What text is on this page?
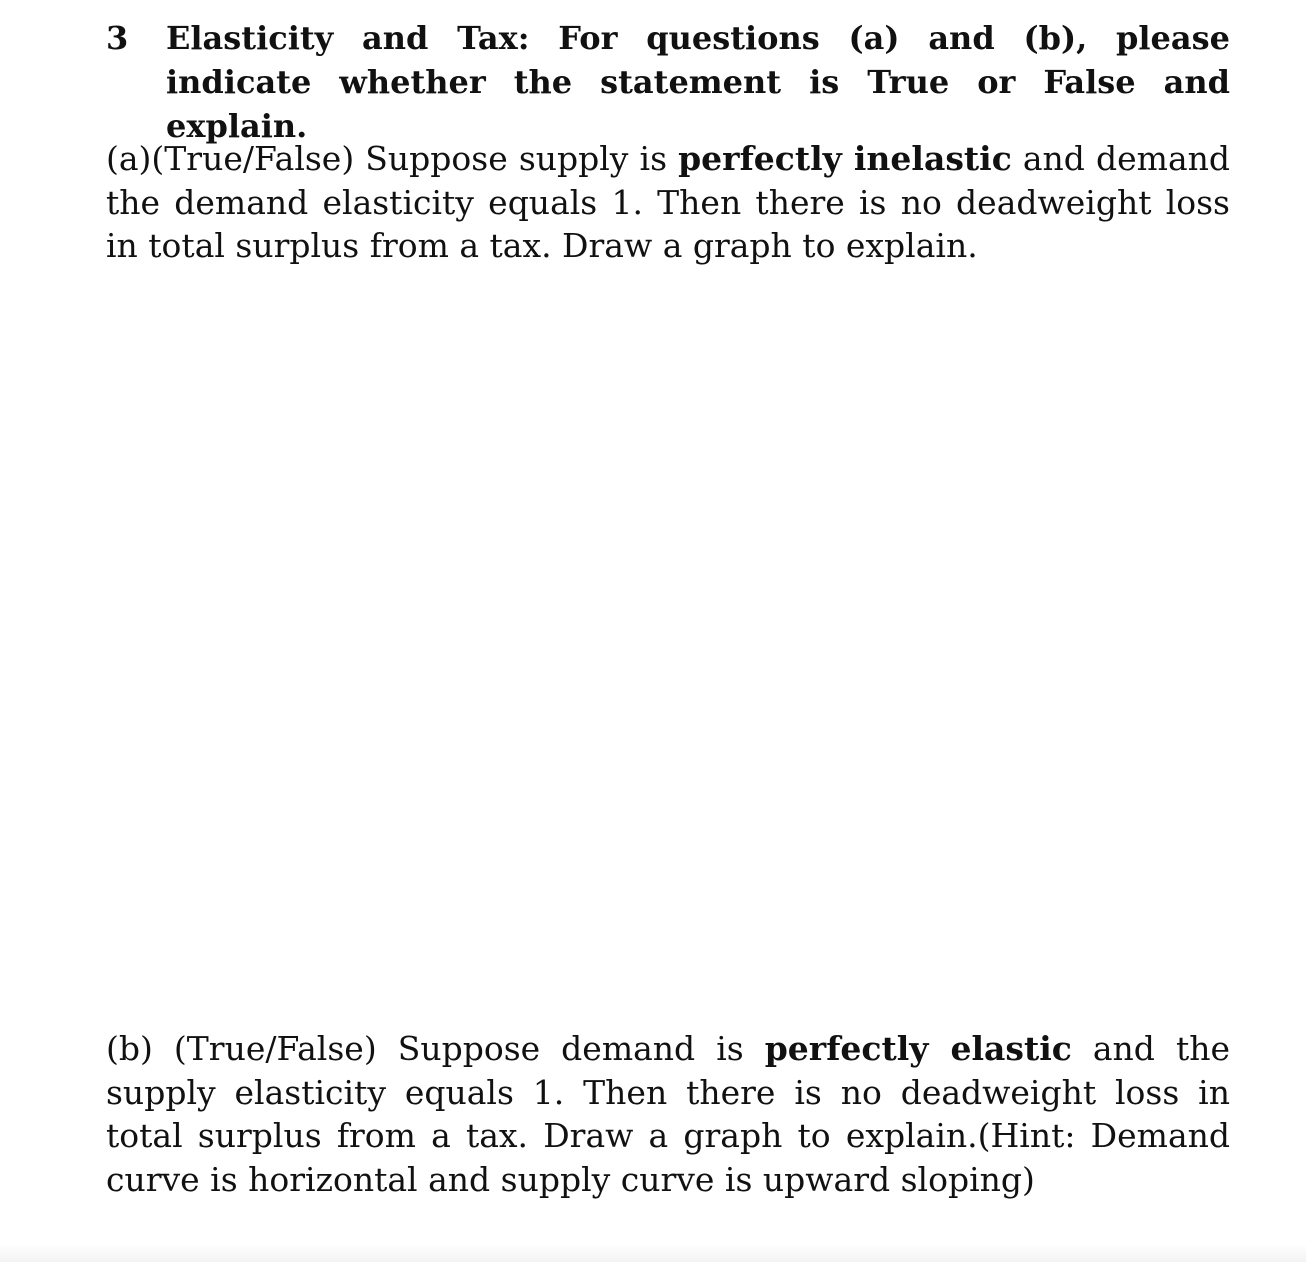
3 Elasticity and Tax: For questions (a) and (b), please indicate whether the statement is True or False and explain.
(a)(True/False) Suppose supply is perfectly inelastic and demand the demand elasticity equals 1. Then there is no deadweight loss in total surplus from a tax. Draw a graph to explain.
(b) (True/False) Suppose demand is perfectly elastic and the supply elasticity equals 1. Then there is no deadweight loss in total surplus from a tax. Draw a graph to explain.(Hint: Demand curve is horizontal and supply curve is upward sloping)
